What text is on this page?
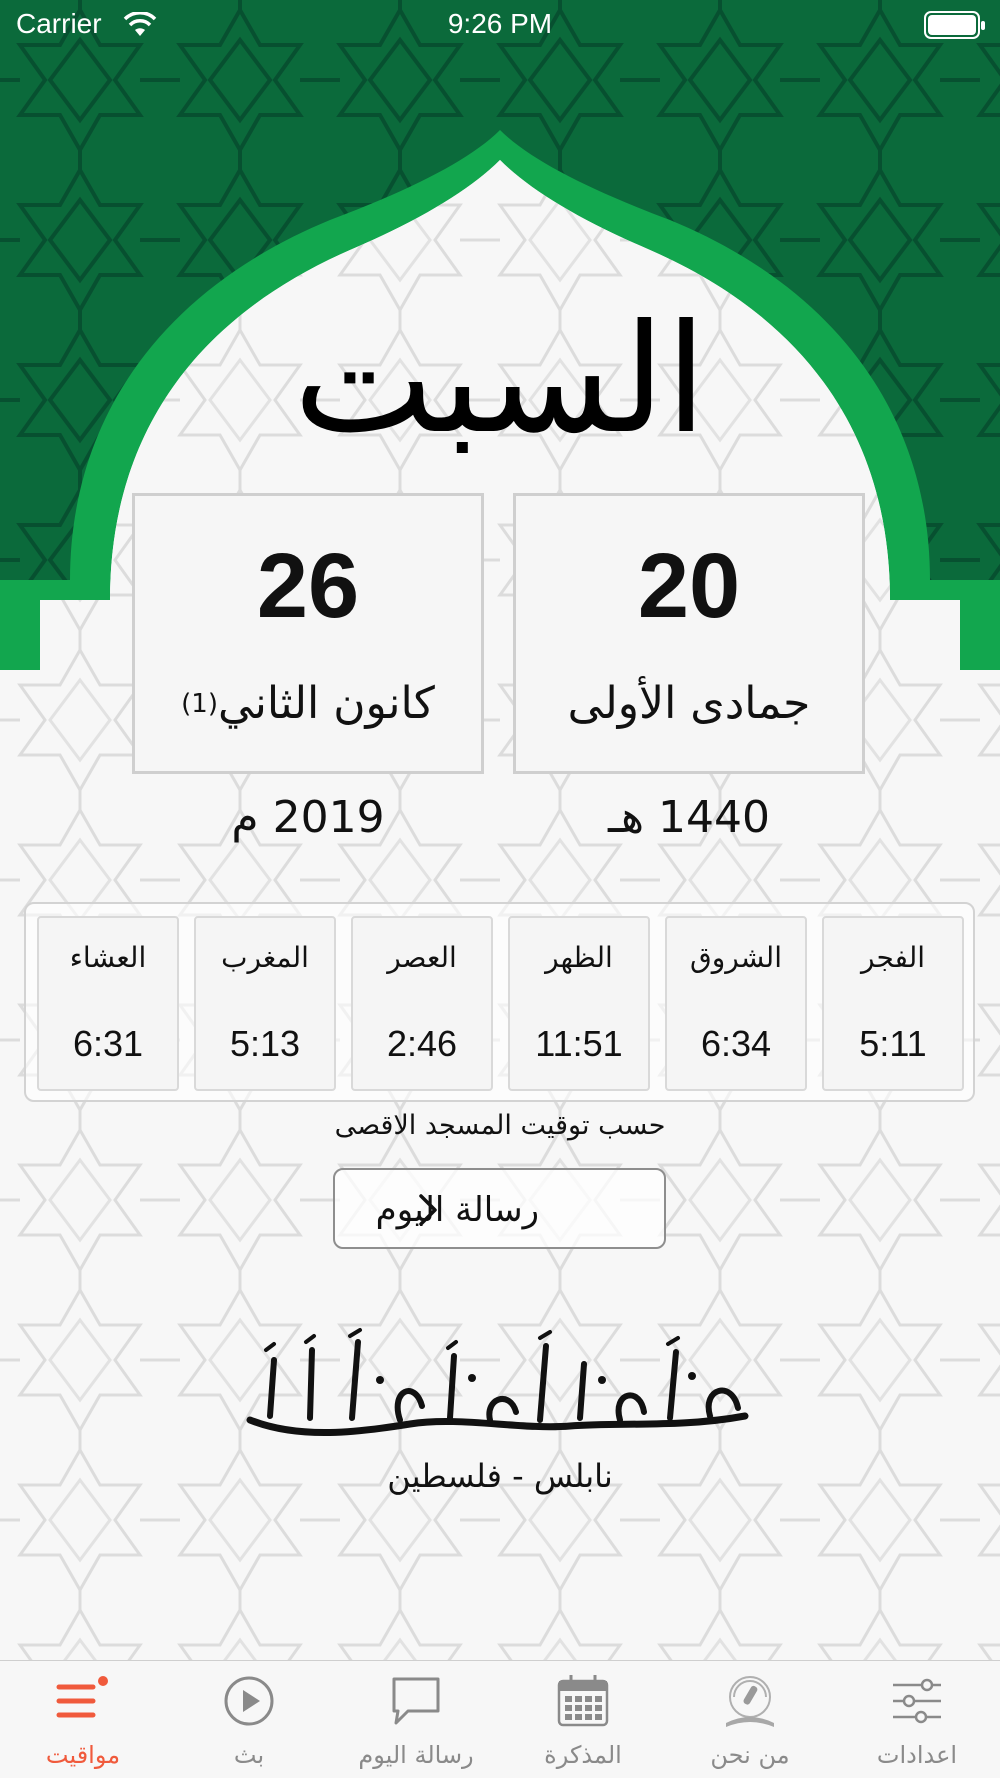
Carrier	9:26 PM
السبت
26
كانون الثاني$^{(1)}$
20
جمادى الأولى
2019 م	1440 هـ
الفجر
5:11
الشروق
6:34
الظهر
11:51
العصر
2:46
المغرب
5:13
العشاء
6:31
حسب توقيت المسجد الاقصى
رسالة اليوم
تقويم إذاعة القرآن الكريم
نابلس - فلسطين
اعدادات
من نحن
المذكرة
رسالة اليوم
بث
مواقيت
